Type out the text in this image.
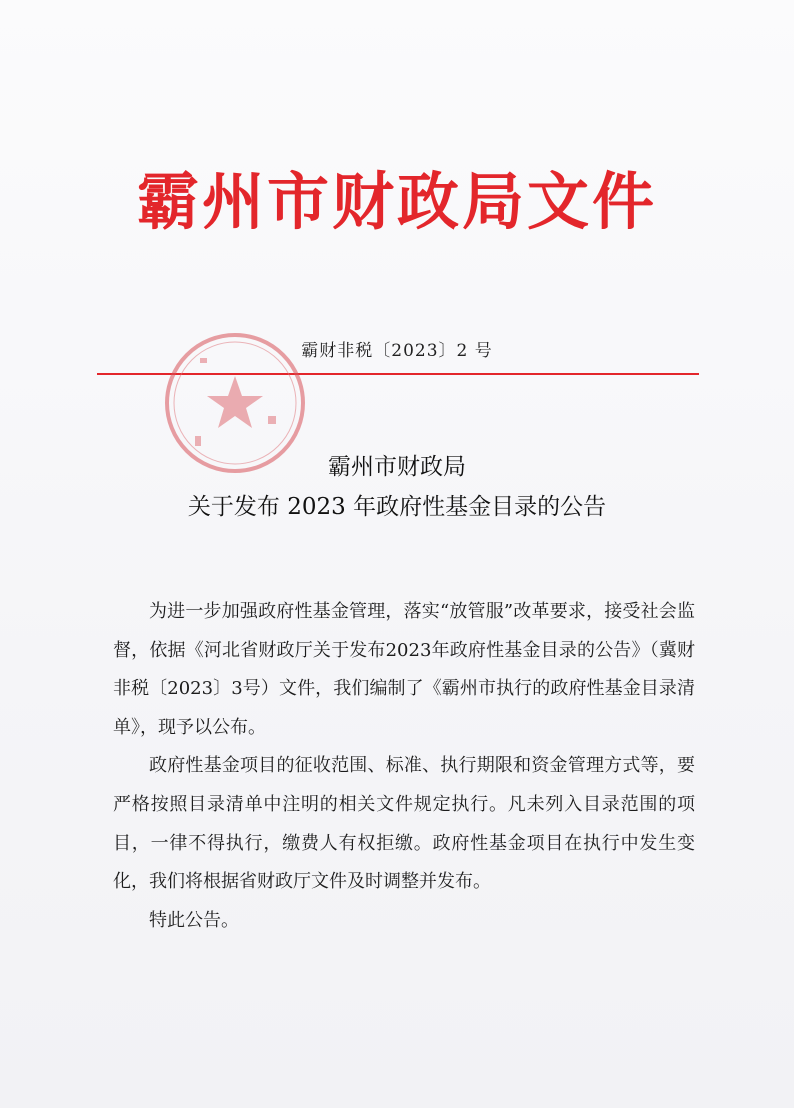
霸州市财政局文件
霸财非税〔2023〕2 号
霸州市财政局
关于发布 2023 年政府性基金目录的公告

为进一步加强政府性基金管理，落实“放管服”改革要求，接受社会监督，依据《河北省财政厅关于发布2023年政府性基金目录的公告》（冀财非税〔2023〕3号）文件，我们编制了《霸州市执行的政府性基金目录清单》，现予以公布。

政府性基金项目的征收范围、标准、执行期限和资金管理方式等，要严格按照目录清单中注明的相关文件规定执行。凡未列入目录范围的项目，一律不得执行，缴费人有权拒缴。政府性基金项目在执行中发生变化，我们将根据省财政厅文件及时调整并发布。

特此公告。
